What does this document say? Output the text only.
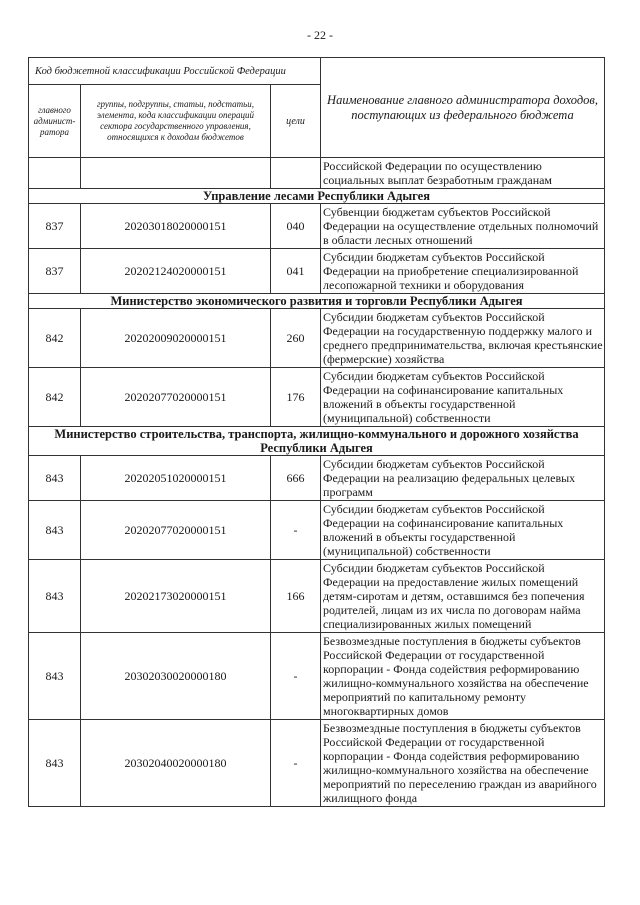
- 22 -
Код бюджетной классификации Российской Федерации			Наименование главного администратора доходов, поступающих из федерального бюджета
главного админист-ратора	группы, подгруппы, статьи, подстатьи, элемента, кода классификации операций сектора государственного управления, относящихся к доходам бюджетов	цели	
			Российской Федерации по осуществлению социальных выплат безработным гражданам
Управление лесами Республики Адыгея			
837	20203018020000151	040	Субвенции бюджетам субъектов Российской Федерации на осуществление отдельных полномочий в области лесных отношений
837	20202124020000151	041	Субсидии бюджетам субъектов Российской Федерации на приобретение специализированной лесопожарной техники и оборудования
Министерство экономического развития и торговли Республики Адыгея			
842	20202009020000151	260	Субсидии бюджетам субъектов Российской Федерации на государственную поддержку малого и среднего предпринимательства, включая крестьянские (фермерские) хозяйства
842	20202077020000151	176	Субсидии бюджетам субъектов Российской Федерации на софинансирование капитальных вложений в объекты государственной (муниципальной) собственности
Министерство строительства, транспорта, жилищно-коммунального и дорожного хозяйства Республики Адыгея			
843	20202051020000151	666	Субсидии бюджетам субъектов Российской Федерации на реализацию федеральных целевых программ
843	20202077020000151	-	Субсидии бюджетам субъектов Российской Федерации на софинансирование капитальных вложений в объекты государственной (муниципальной) собственности
843	20202173020000151	166	Субсидии бюджетам субъектов Российской Федерации на предоставление жилых помещений детям-сиротам и детям, оставшимся без попечения родителей, лицам из их числа по договорам найма специализированных жилых помещений
843	20302030020000180	-	Безвозмездные поступления в бюджеты субъектов Российской Федерации от государственной корпорации - Фонда содействия реформированию жилищно-коммунального хозяйства на обеспечение мероприятий по капитальному ремонту многоквартирных домов
843	20302040020000180	-	Безвозмездные поступления в бюджеты субъектов Российской Федерации от государственной корпорации - Фонда содействия реформированию жилищно-коммунального хозяйства на обеспечение мероприятий по переселению граждан из аварийного жилищного фонда
